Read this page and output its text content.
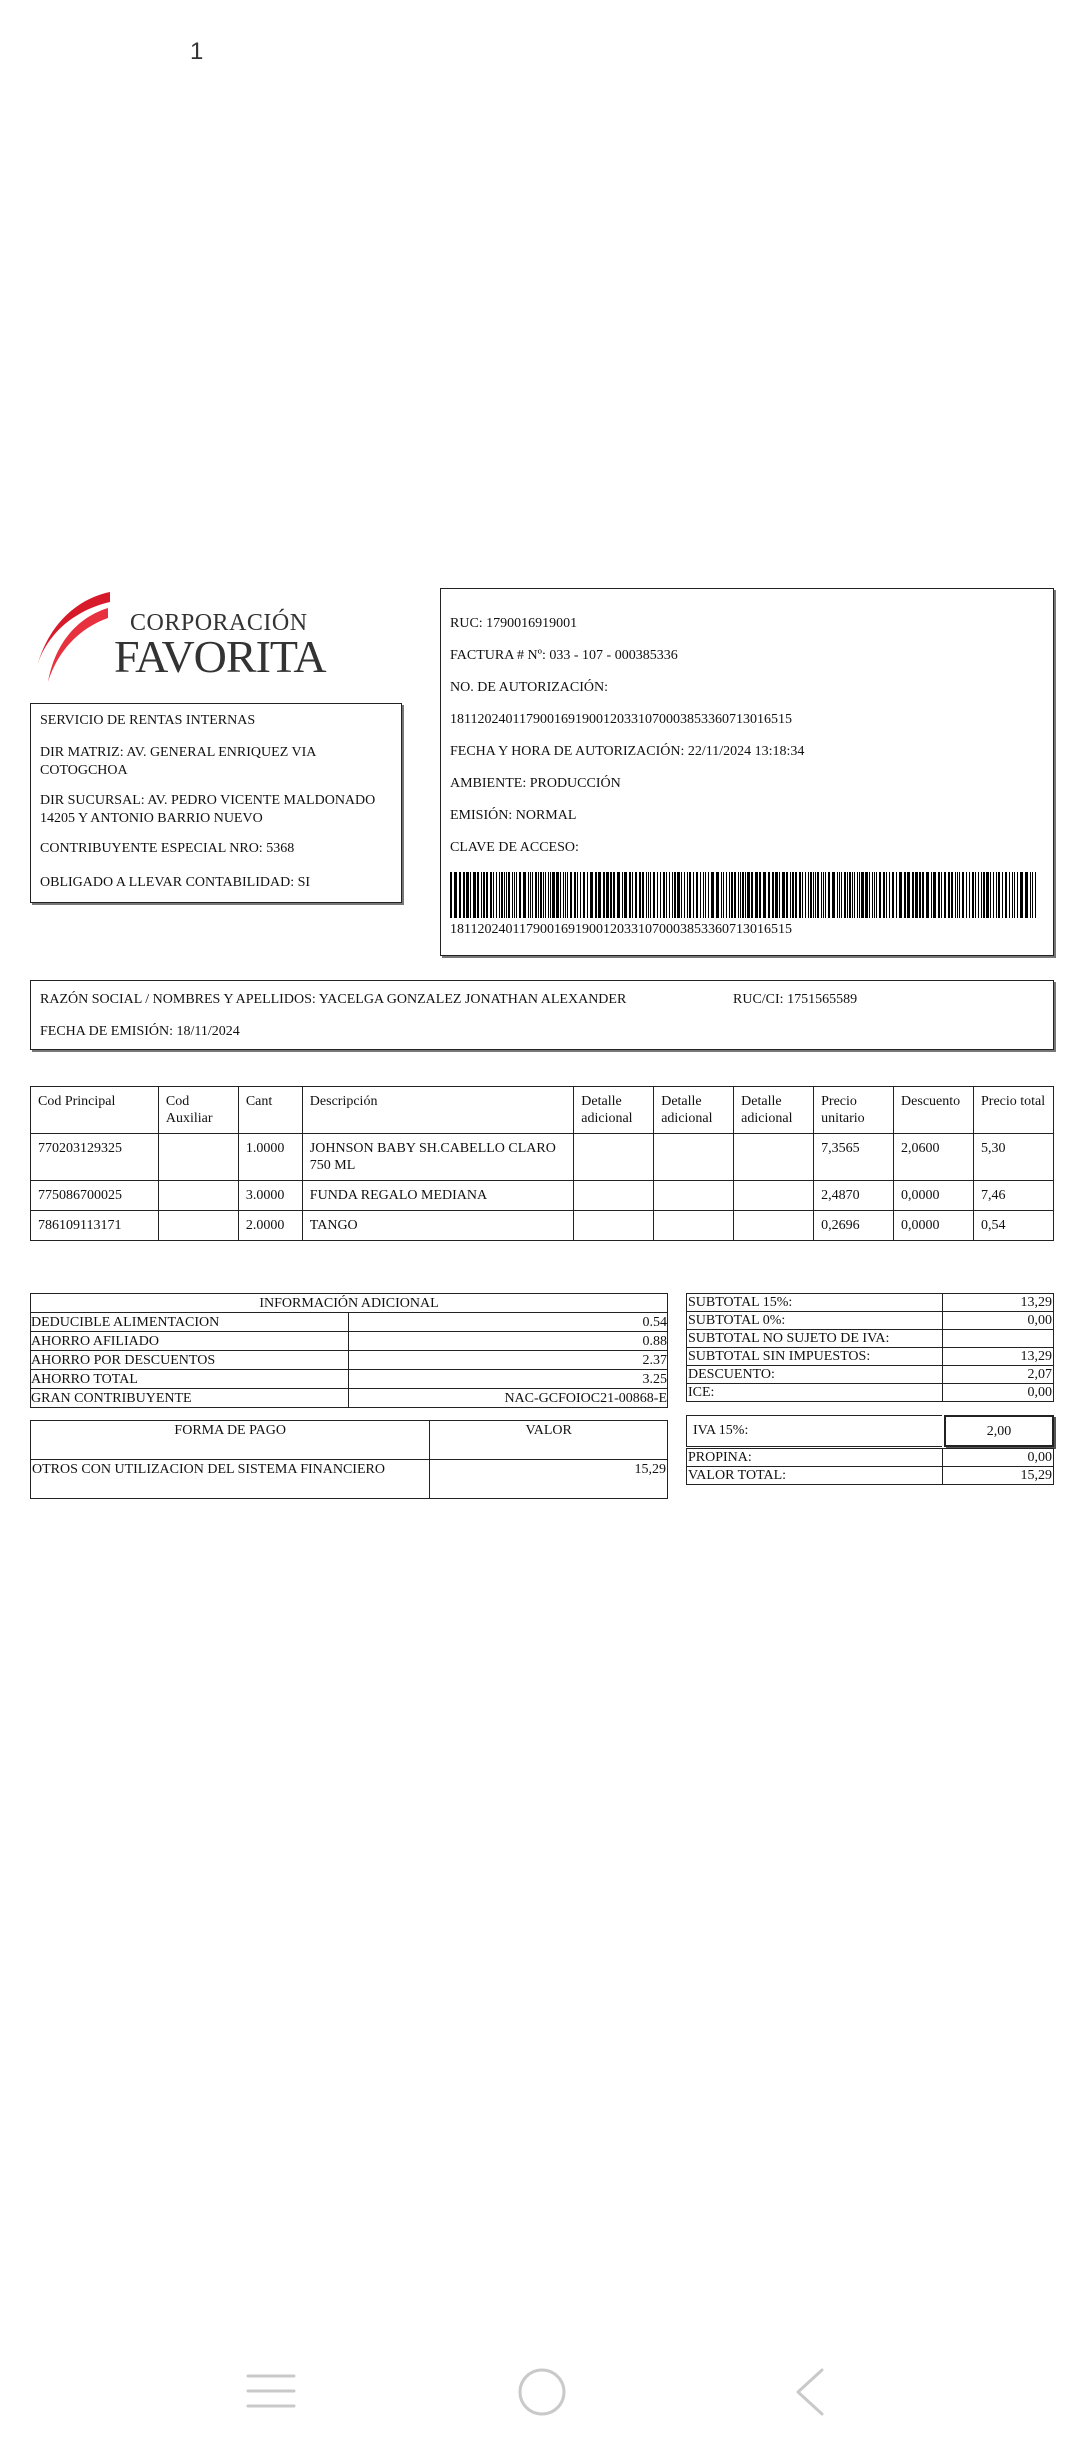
1
CORPORACIÓN
FAVORITA
SERVICIO DE RENTAS INTERNAS
DIR MATRIZ: AV. GENERAL ENRIQUEZ VIA COTOGCHOA
DIR SUCURSAL: AV. PEDRO VICENTE MALDONADO 14205 Y ANTONIO BARRIO NUEVO
CONTRIBUYENTE ESPECIAL NRO: 5368
OBLIGADO A LLEVAR CONTABILIDAD: SI
RUC: 1790016919001
FACTURA # Nº: 033 - 107 - 000385336
NO. DE AUTORIZACIÓN:
1811202401179001691900120331070003853360713016515
FECHA Y HORA DE AUTORIZACIÓN: 22/11/2024 13:18:34
AMBIENTE: PRODUCCIÓN
EMISIÓN: NORMAL
CLAVE DE ACCESO:
1811202401179001691900120331070003853360713016515
RAZÓN SOCIAL / NOMBRES Y APELLIDOS: YACELGA GONZALEZ JONATHAN ALEXANDER	RUC/CI: 1751565589
FECHA DE EMISIÓN: 18/11/2024
Cod Principal	Cod Auxiliar	Cant	Descripción	Detalle adicional	Detalle adicional	Detalle adicional	Precio unitario	Descuento	Precio total
770203129325		1.0000	JOHNSON BABY SH.CABELLO CLARO 750 ML				7,3565	2,0600	5,30
775086700025		3.0000	FUNDA REGALO MEDIANA				2,4870	0,0000	7,46
786109113171		2.0000	TANGO				0,2696	0,0000	0,54
INFORMACIÓN ADICIONAL	
DEDUCIBLE ALIMENTACION	0.54
AHORRO AFILIADO	0.88
AHORRO POR DESCUENTOS	2.37
AHORRO TOTAL	3.25
GRAN CONTRIBUYENTE	NAC-GCFOIOC21-00868-E
FORMA DE PAGO	VALOR
OTROS CON UTILIZACION DEL SISTEMA FINANCIERO	15,29
SUBTOTAL 15%:	13,29
SUBTOTAL 0%:	0,00
SUBTOTAL NO SUJETO DE IVA:	
SUBTOTAL SIN IMPUESTOS:	13,29
DESCUENTO:	2,07
ICE:	0,00
IVA 15%:	2,00
PROPINA:	0,00
VALOR TOTAL:	15,29
